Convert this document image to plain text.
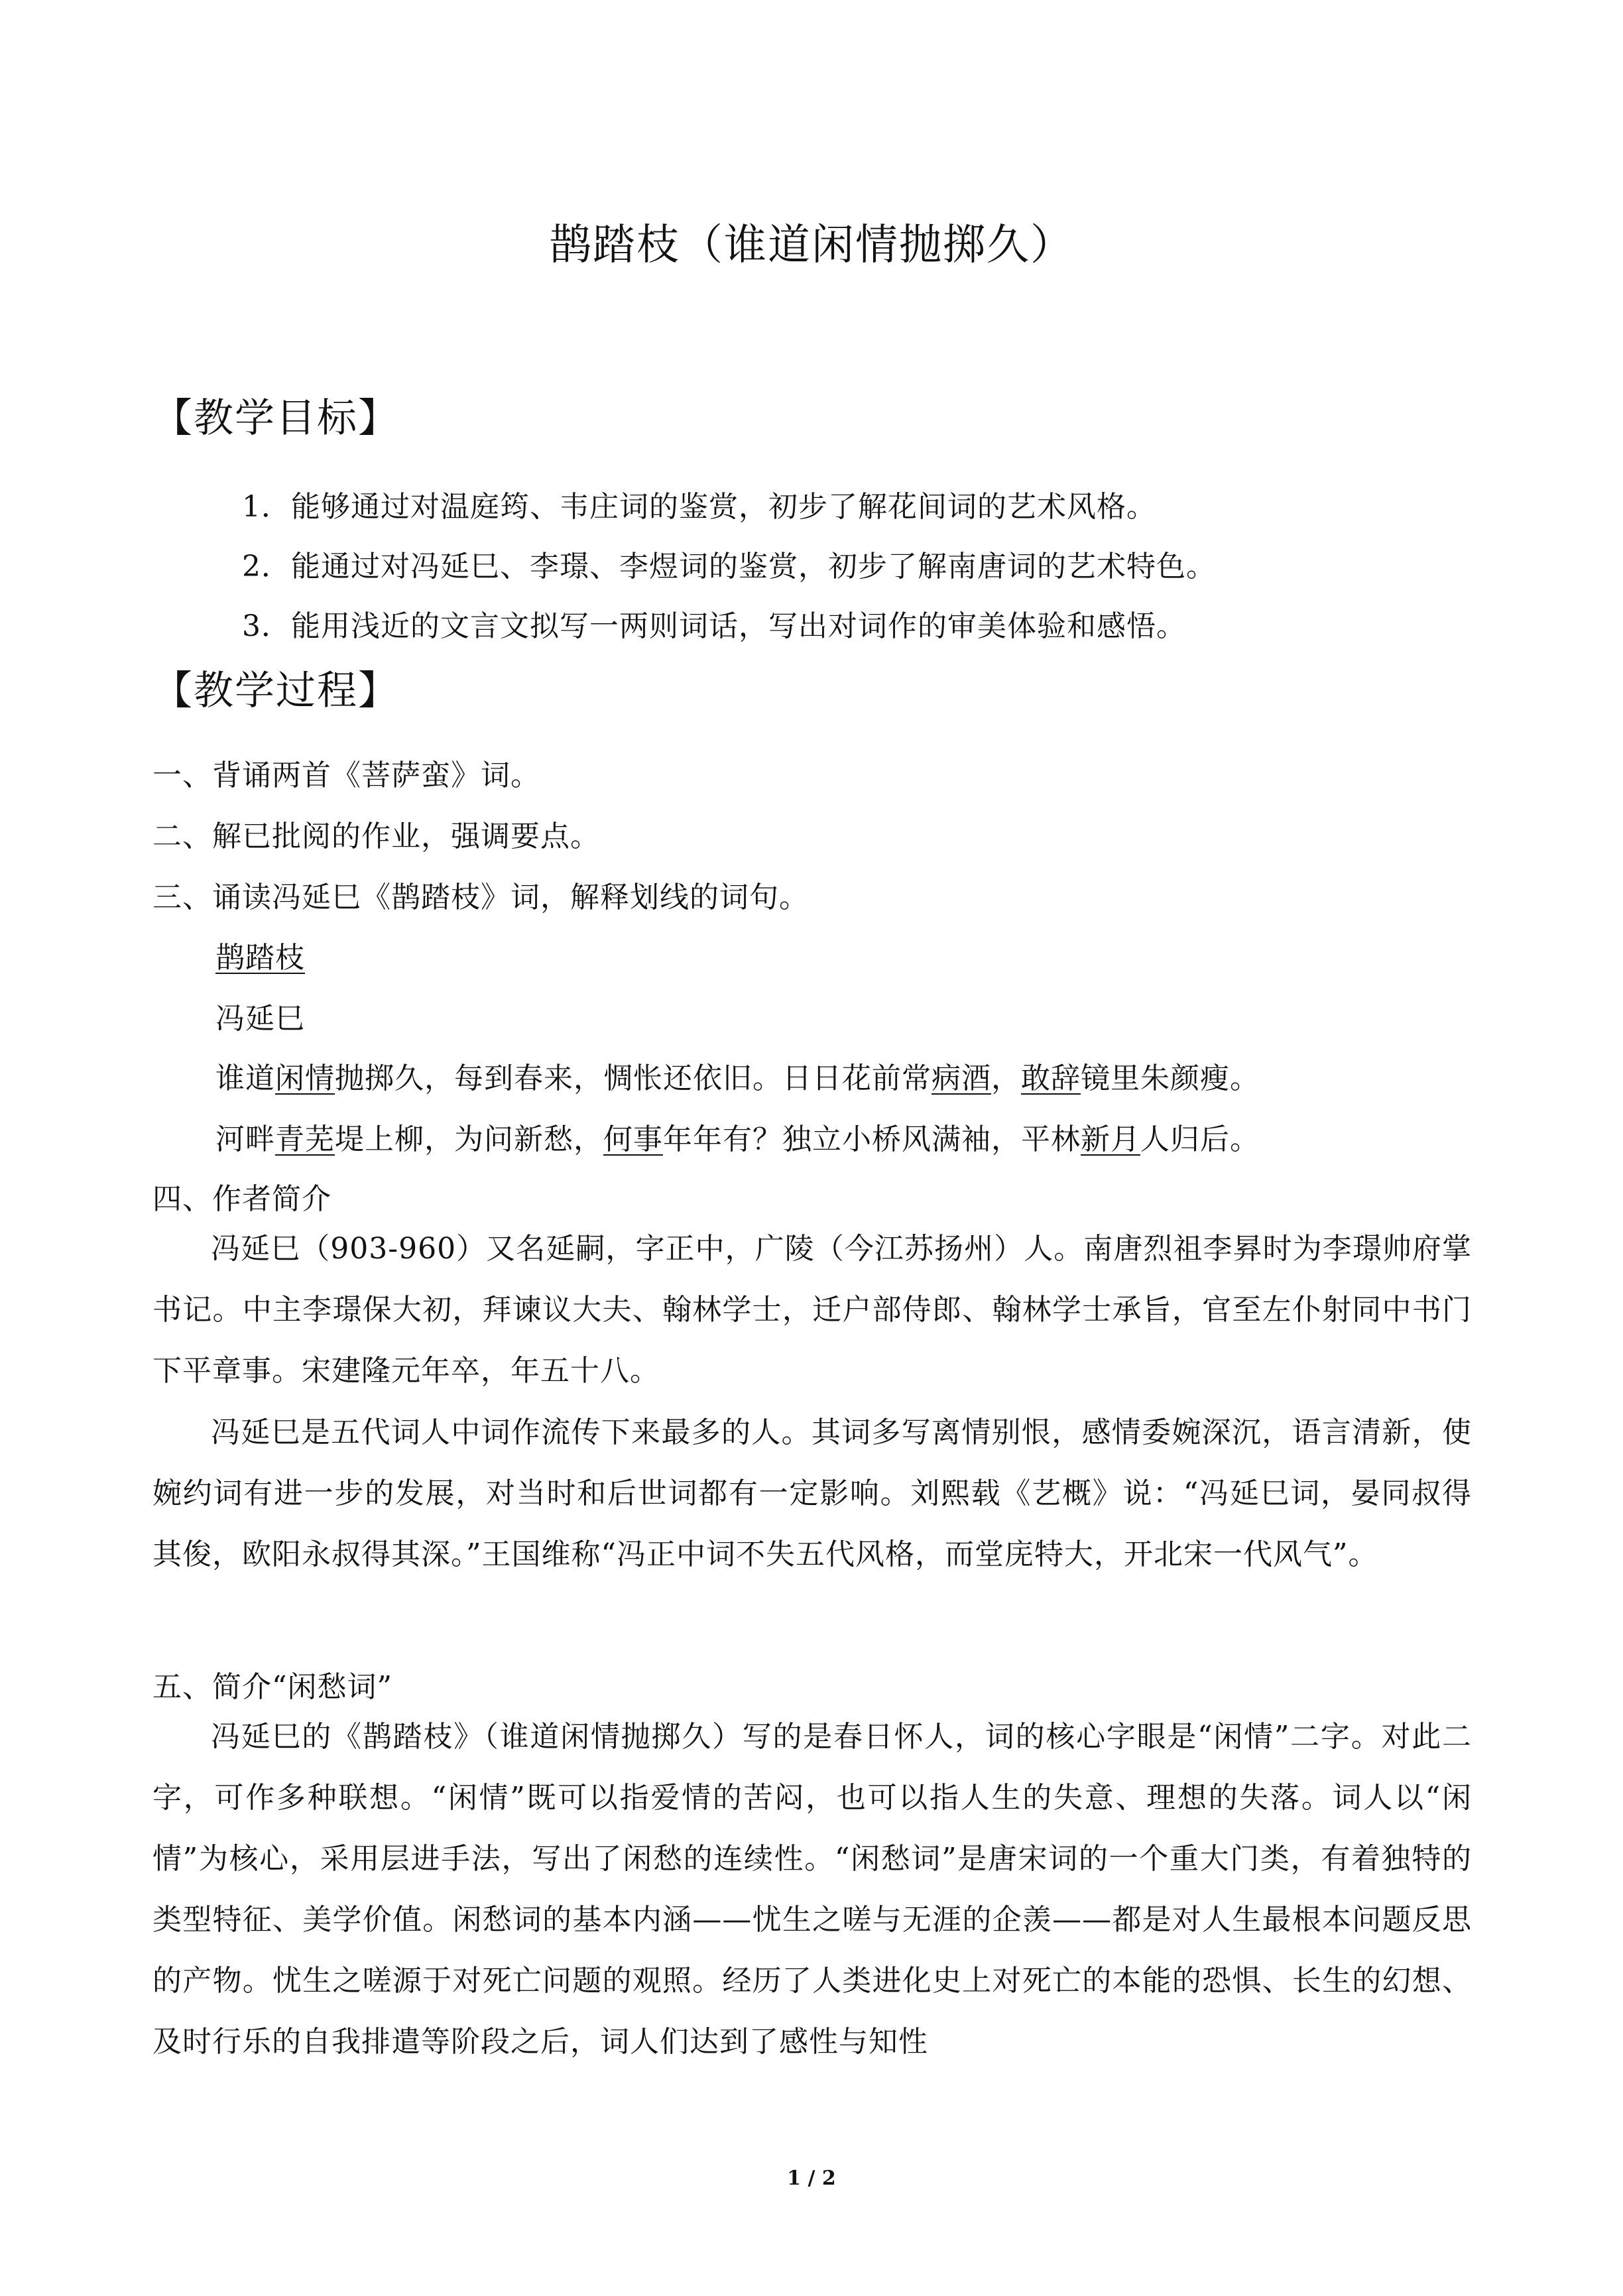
鹊踏枝（谁道闲情抛掷久）
【教学目标】
1．能够通过对温庭筠、韦庄词的鉴赏，初步了解花间词的艺术风格。
2．能通过对冯延巳、李璟、李煜词的鉴赏，初步了解南唐词的艺术特色。
3．能用浅近的文言文拟写一两则词话，写出对词作的审美体验和感悟。
【教学过程】
一、背诵两首《菩萨蛮》词。
二、解已批阅的作业，强调要点。
三、诵读冯延巳《鹊踏枝》词，解释划线的词句。
鹊踏枝
冯延巳
谁道闲情抛掷久，每到春来，惆怅还依旧。日日花前常病酒，敢辞镜里朱颜瘦。
河畔青芜堤上柳，为问新愁，何事年年有？独立小桥风满袖，平林新月人归后。
四、作者简介
冯延巳（903-960）又名延嗣，字正中，广陵（今江苏扬州）人。南唐烈祖李昪时为李璟帅府掌书记。中主李璟保大初，拜谏议大夫、翰林学士，迁户部侍郎、翰林学士承旨，官至左仆射同中书门下平章事。宋建隆元年卒，年五十八。
冯延巳是五代词人中词作流传下来最多的人。其词多写离情别恨，感情委婉深沉，语言清新，使婉约词有进一步的发展，对当时和后世词都有一定影响。刘熙载《艺概》说：“冯延巳词，晏同叔得其俊，欧阳永叔得其深。”王国维称“冯正中词不失五代风格，而堂庑特大，开北宋一代风气”。
五、简介“闲愁词”
冯延巳的《鹊踏枝》（谁道闲情抛掷久）写的是春日怀人，词的核心字眼是“闲情”二字。对此二字，可作多种联想。“闲情”既可以指爱情的苦闷，也可以指人生的失意、理想的失落。词人以“闲情”为核心，采用层进手法，写出了闲愁的连续性。“闲愁词”是唐宋词的一个重大门类，有着独特的类型特征、美学价值。闲愁词的基本内涵——忧生之嗟与无涯的企羡——都是对人生最根本问题反思的产物。忧生之嗟源于对死亡问题的观照。经历了人类进化史上对死亡的本能的恐惧、长生的幻想、及时行乐的自我排遣等阶段之后，词人们达到了感性与知性
1 / 2
